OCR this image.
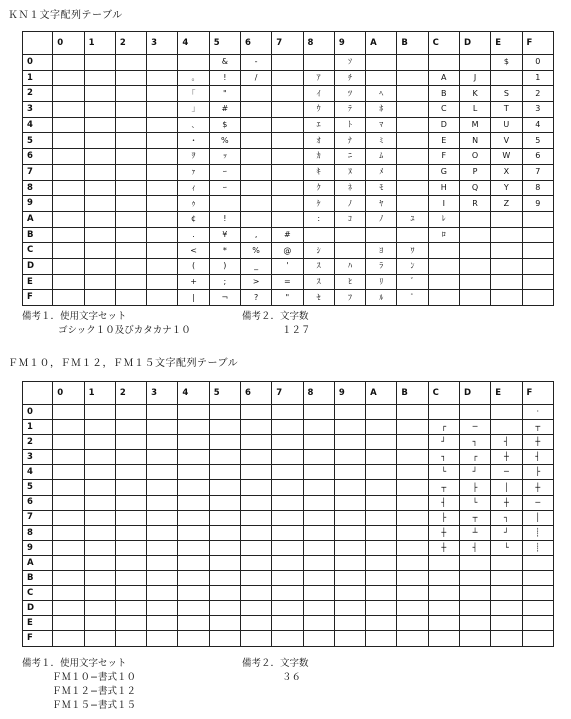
ＫＮ１文字配列テーブル
	0	1	2	3	4	5	6	7	8	9	A	B	C	D	E	F
0						&	-			ｿ					$	0
1					｡	!	/		ｱ	ﾁ			A	J		1
2					｢	"			ｲ	ﾂ	ﾍ		B	K	S	2
3					｣	#			ｳ	ﾃ	ﾎ		C	L	T	3
4					､	$			ｴ	ﾄ	ﾏ		D	M	U	4
5					･	%			ｵ	ﾅ	ﾐ		E	N	V	5
6					ｦ	ｯ			ｶ	ﾆ	ﾑ		F	O	W	6
7					ｧ	ｰ			ｷ	ﾇ	ﾒ		G	P	X	7
8					ｨ	ｰ			ｸ	ﾈ	ﾓ		H	Q	Y	8
9					ｩ				ｹ	ﾉ	ﾔ		I	R	Z	9
A					¢	!			:	ｺ	ﾉ	ﾕ	ﾚ			
B					.	¥	,	#					ﾛ			
C					<	*	%	@	ｼ		ﾖ	ﾜ				
D					(	)	_	'	ｽ	ﾊ	ﾗ	ﾝ				
E					+	;	>	=	ｽ	ﾋ	ﾘ	ﾞ				
F					|	¬	?	"	ｾ	ﾌ	ﾙ	ﾟ				
備考１．使用文字セット
ゴシック１０及びカタカナ１０
備考２．文字数
１２７
ＦＭ１０，ＦＭ１２，ＦＭ１５文字配列テーブル
	0	1	2	3	4	5	6	7	8	9	A	B	C	D	E	F
0																·
1													┌	─		┬
2													┘	┐	┤	┼
3													┐	┌	┼	┤
4													└	┘	─	├
5													┬	├	│	┼
6													┤	└	┼	─
7													├	┬	┐	│
8													┼	┴	┘	┊
9													┼	┤	└	┊
A																
B																
C																
D																
E																
F																
備考１．使用文字セット
ＦＭ１０−書式１０
ＦＭ１２−書式１２
ＦＭ１５−書式１５
備考２．文字数
３６
